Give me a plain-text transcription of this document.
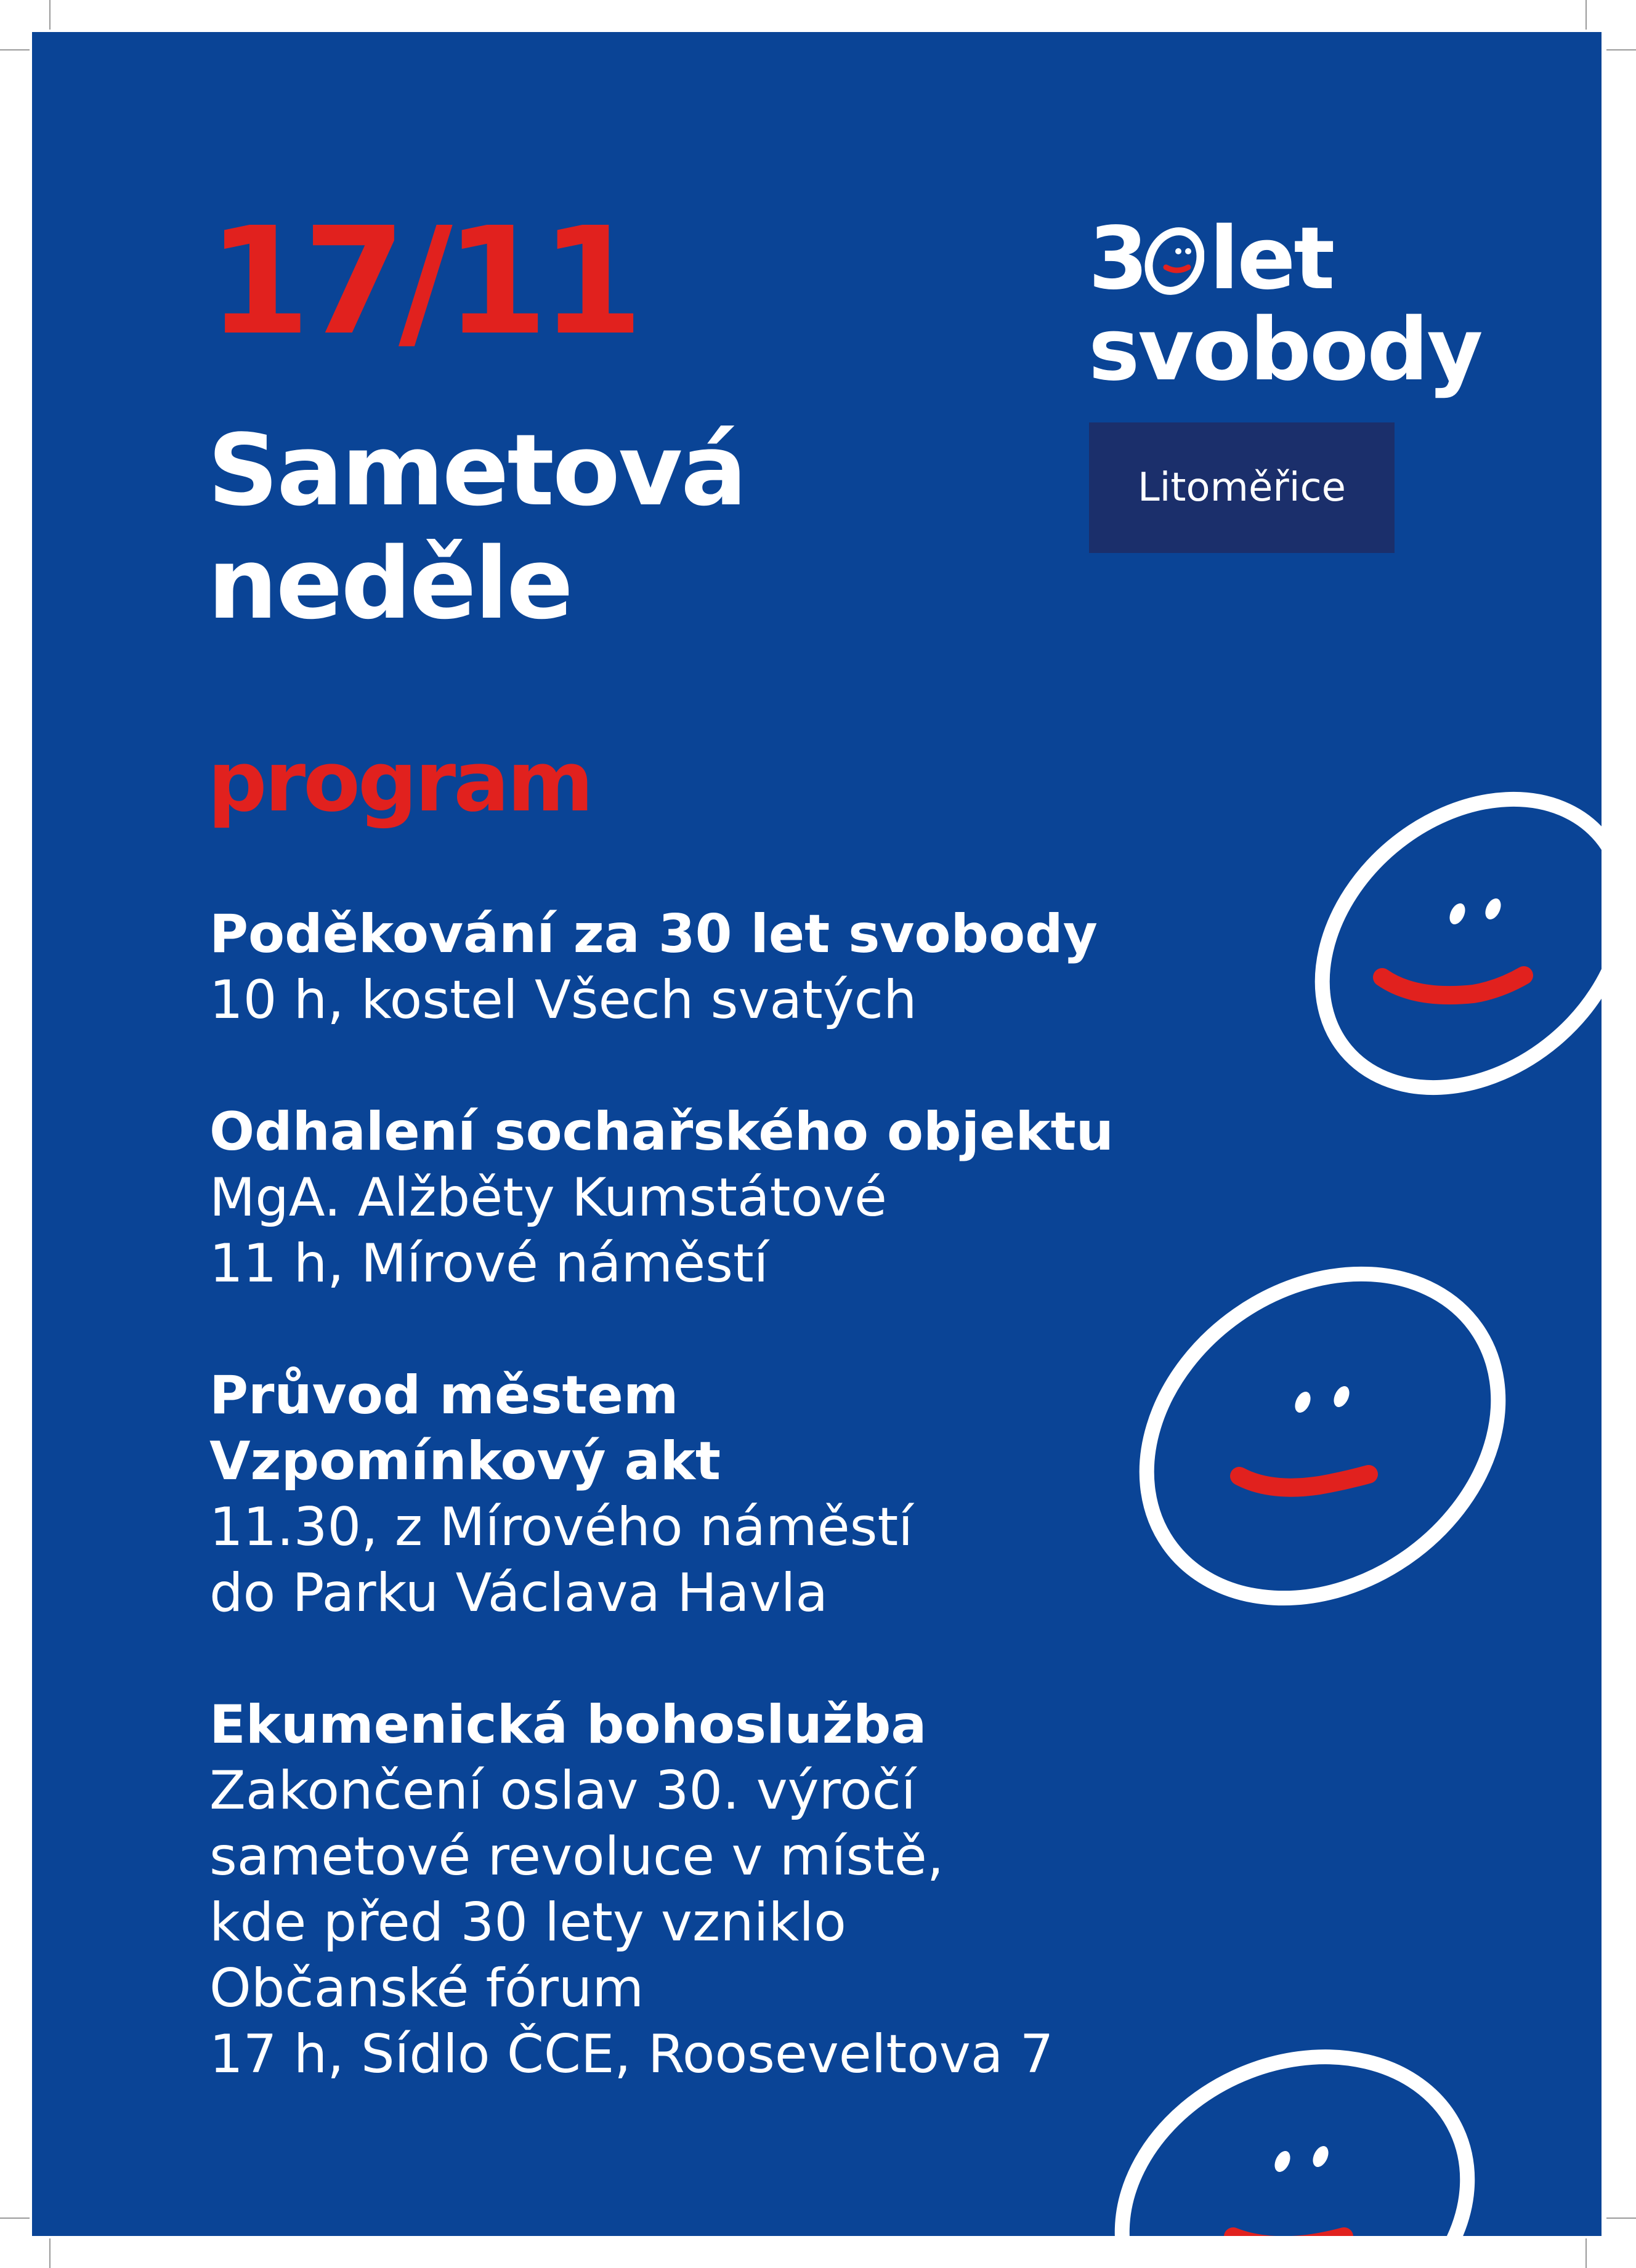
17/11
Sametová
neděle
program
Poděkování za 30 let svobody
10 h, kostel Všech svatých
Odhalení sochařského objektu
MgA. Alžběty Kumstátové
11 h, Mírové náměstí
Průvod městem
Vzpomínkový akt
11.30, z Mírového náměstí
do Parku Václava Havla
Ekumenická bohoslužba
Zakončení oslav 30. výročí
sametové revoluce v místě,
kde před 30 lety vzniklo
Občanské fórum
17 h, Sídlo ČCE, Rooseveltova 7
3 let
svobody
Litoměřice
